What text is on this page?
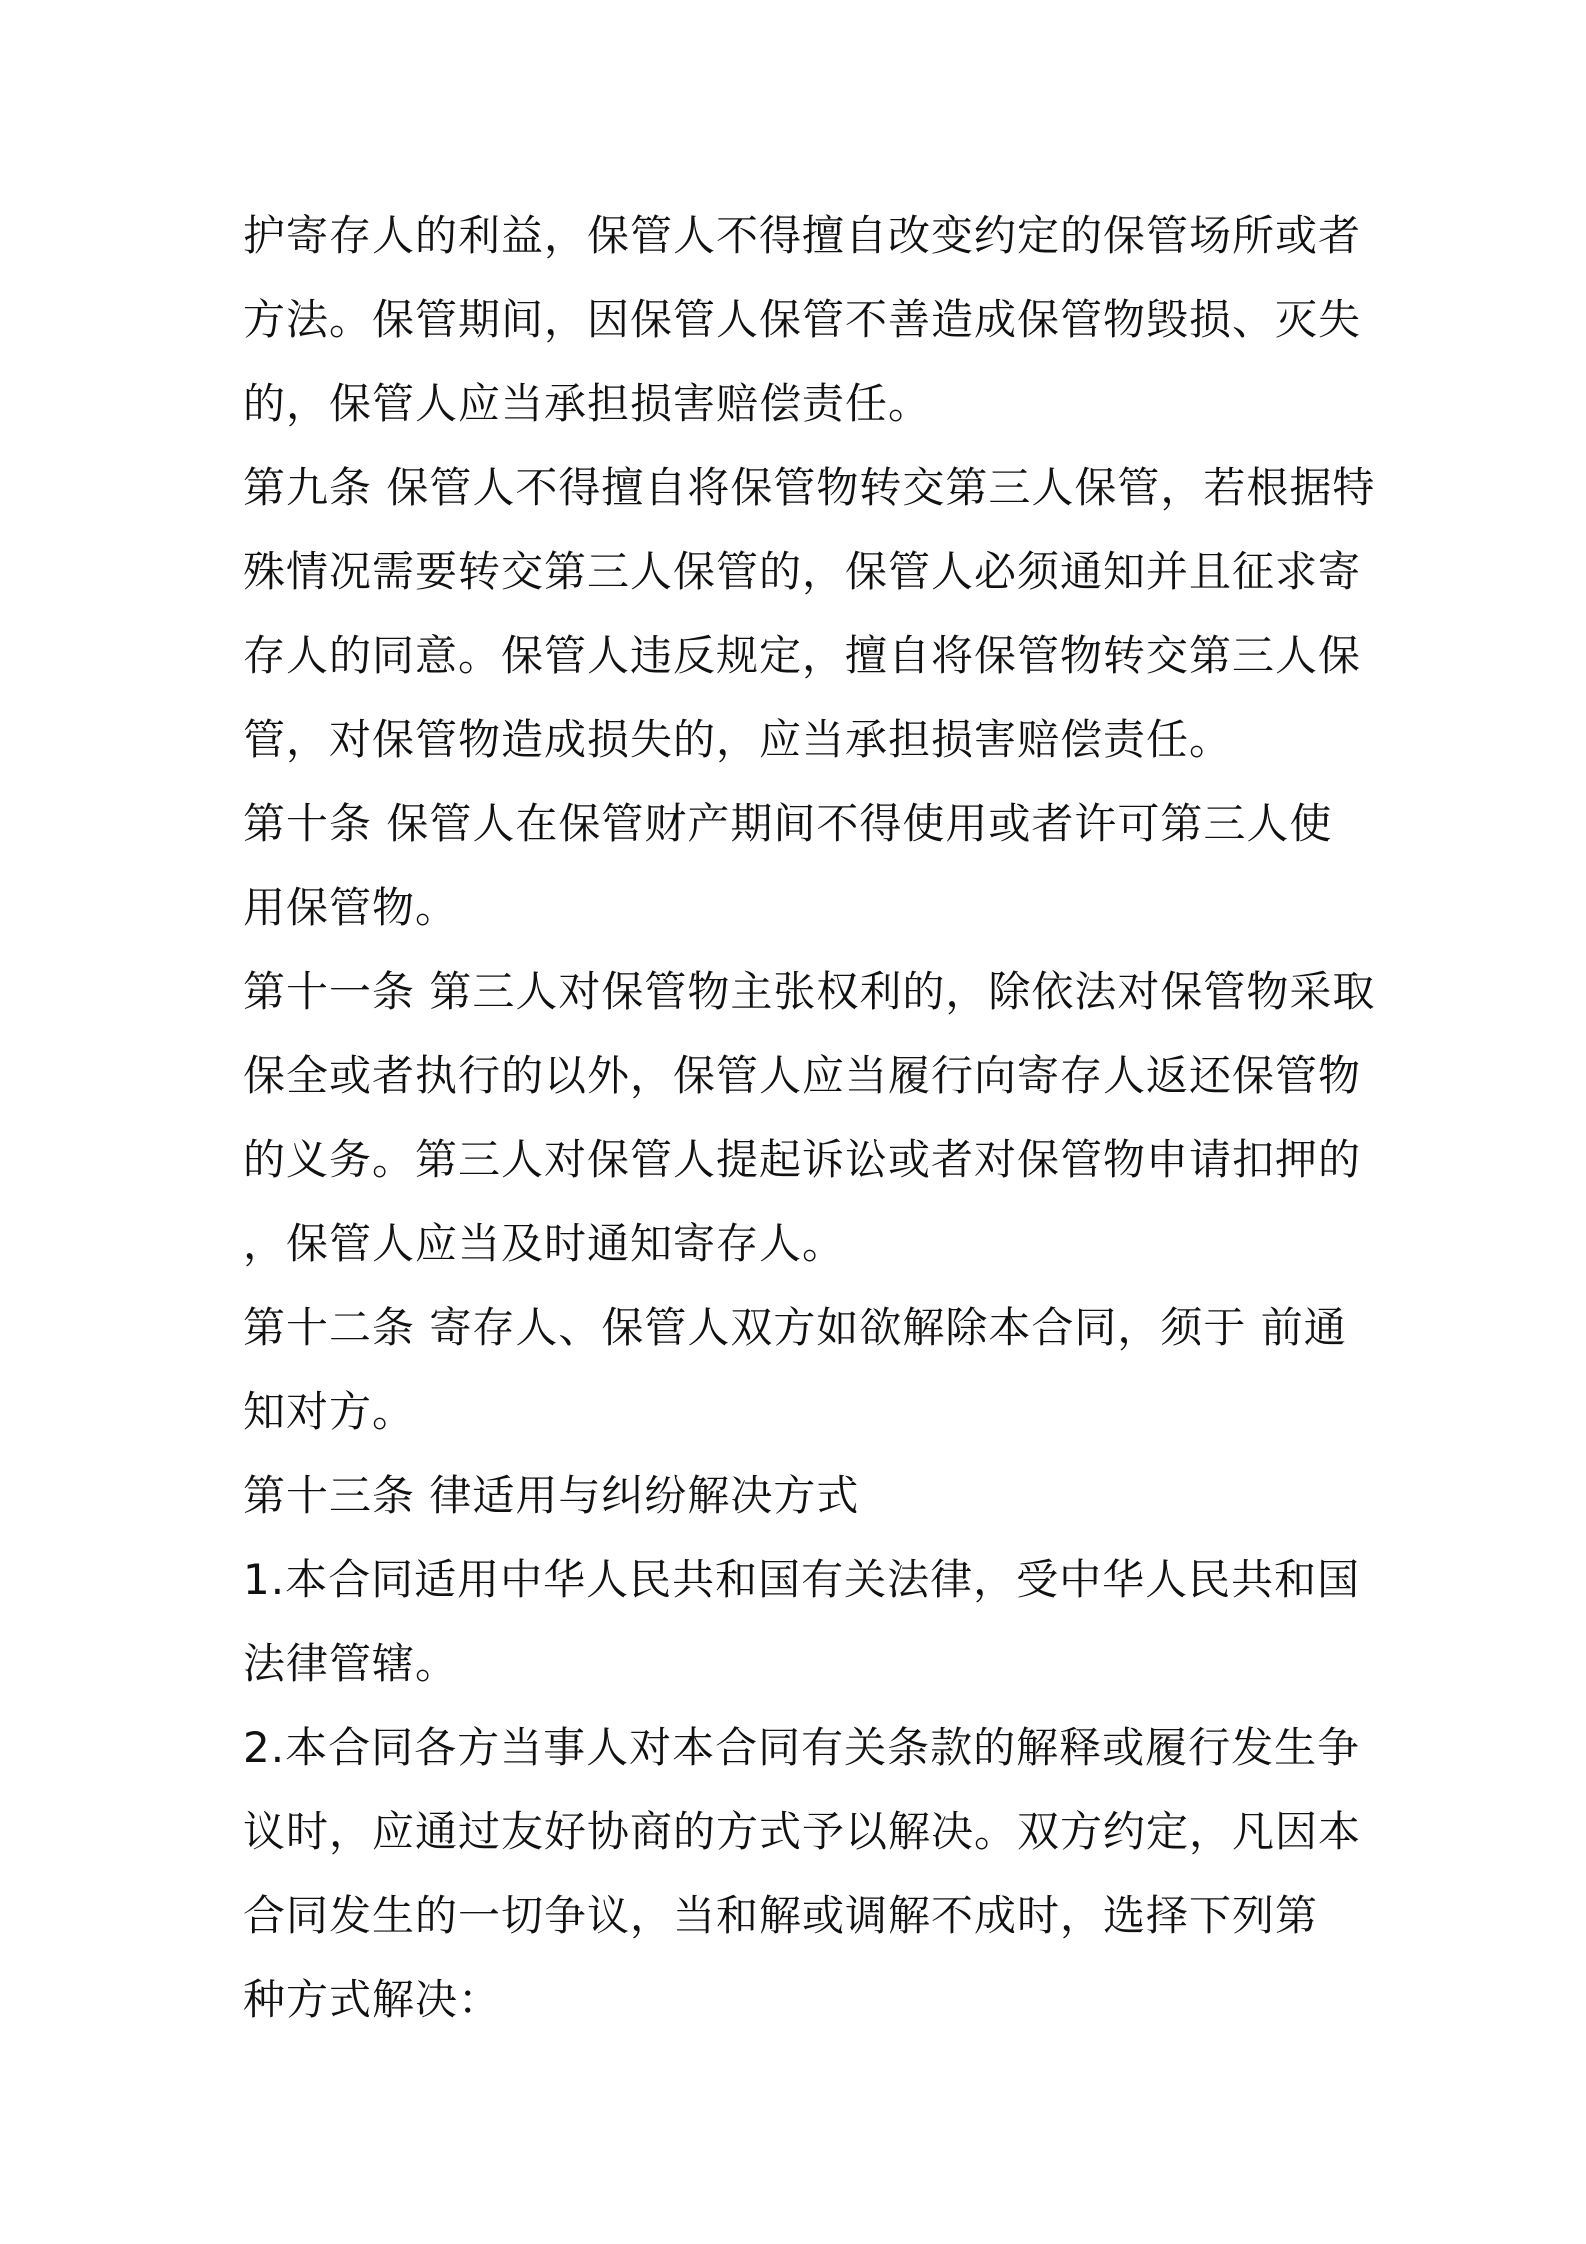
护寄存人的利益，保管人不得擅自改变约定的保管场所或者
方法。保管期间，因保管人保管不善造成保管物毁损、灭失
的，保管人应当承担损害赔偿责任。
第九条 保管人不得擅自将保管物转交第三人保管，若根据特
殊情况需要转交第三人保管的，保管人必须通知并且征求寄
存人的同意。保管人违反规定，擅自将保管物转交第三人保
管，对保管物造成损失的，应当承担损害赔偿责任。
第十条 保管人在保管财产期间不得使用或者许可第三人使
用保管物。
第十一条 第三人对保管物主张权利的，除依法对保管物采取
保全或者执行的以外，保管人应当履行向寄存人返还保管物
的义务。第三人对保管人提起诉讼或者对保管物申请扣押的
，保管人应当及时通知寄存人。
第十二条 寄存人、保管人双方如欲解除本合同，须于 前通
知对方。
第十三条 律适用与纠纷解决方式
1.本合同适用中华人民共和国有关法律，受中华人民共和国
法律管辖。
2.本合同各方当事人对本合同有关条款的解释或履行发生争
议时，应通过友好协商的方式予以解决。双方约定，凡因本
合同发生的一切争议，当和解或调解不成时，选择下列第
种方式解决：
